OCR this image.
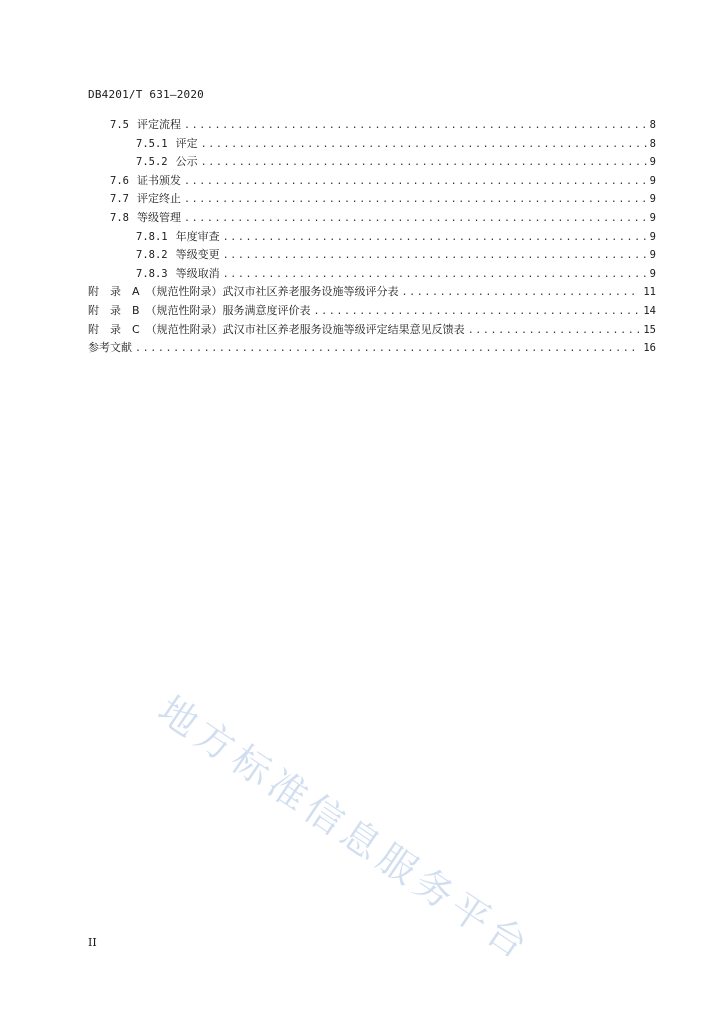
DB4201/T 631—2020
7.5 评定流程 .....	8
7.5.1 评定 .....	8
7.5.2 公示 .....	9
7.6 证书颁发 .....	9
7.7 评定终止 .....	9
7.8 等级管理 .....	9
7.8.1 年度审查 .....	9
7.8.2 等级变更 .....	9
7.8.3 等级取消 .....	9
附　录　A （规范性附录）武汉市社区养老服务设施等级评分表 .....	11
附　录　B （规范性附录）服务满意度评价表 .....	14
附　录　C （规范性附录）武汉市社区养老服务设施等级评定结果意见反馈表 .....	15
参考文献 .....	16
地方标准信息服务平台
II
